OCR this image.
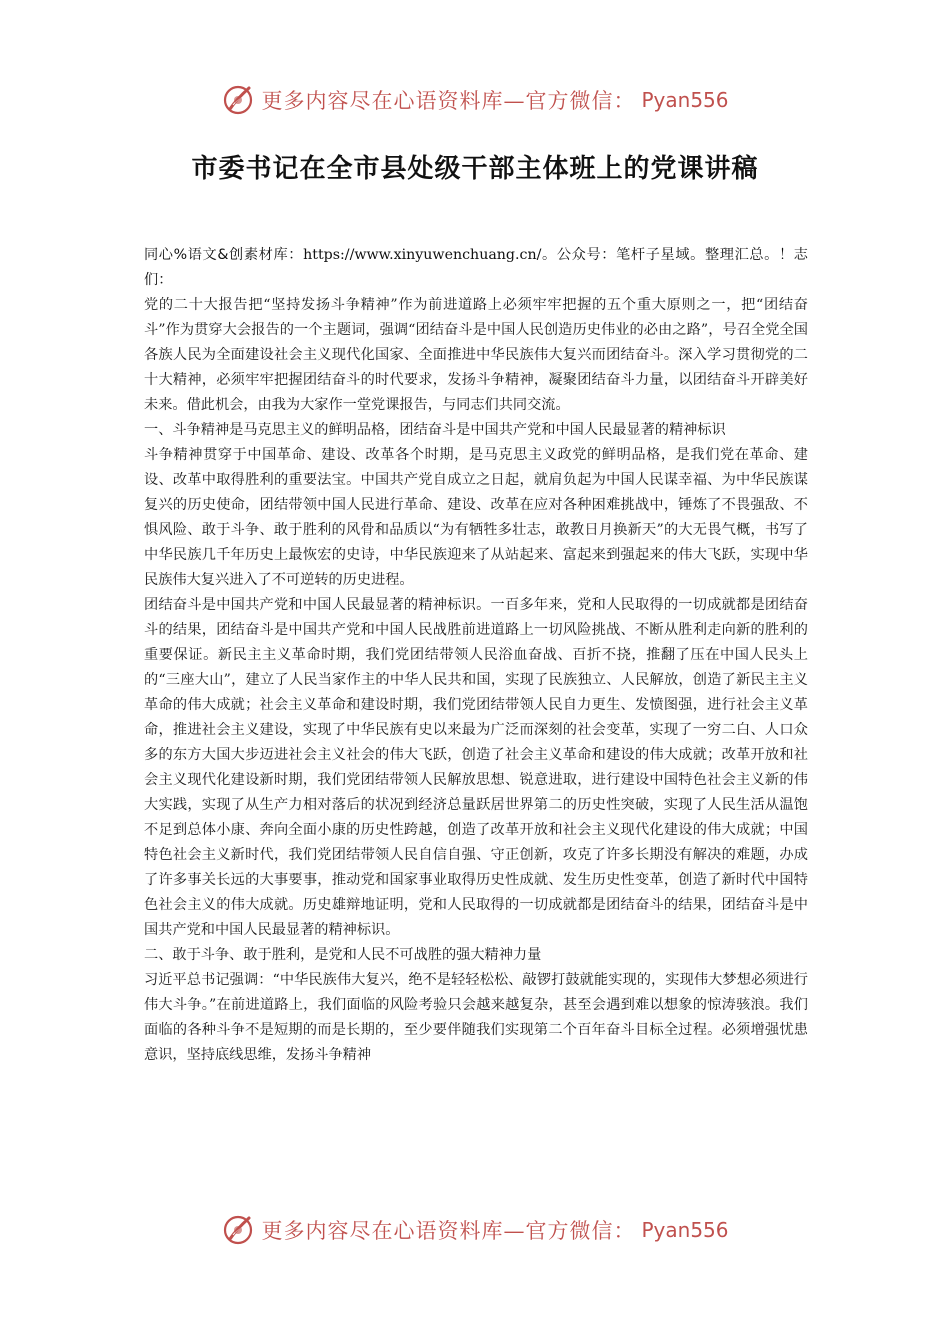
更多内容尽在心语资料库—官方微信： Pyan556
市委书记在全市县处级干部主体班上的党课讲稿

同心%语文&创素材库：https://www.xinyuwenchuang.cn/。公众号：笔杆子星域。整理汇总。！志们：

党的二十大报告把“坚持发扬斗争精神”作为前进道路上必须牢牢把握的五个重大原则之一，把“团结奋斗”作为贯穿大会报告的一个主题词，强调“团结奋斗是中国人民创造历史伟业的必由之路”，号召全党全国各族人民为全面建设社会主义现代化国家、全面推进中华民族伟大复兴而团结奋斗。深入学习贯彻党的二十大精神，必须牢牢把握团结奋斗的时代要求，发扬斗争精神，凝聚团结奋斗力量，以团结奋斗开辟美好未来。借此机会，由我为大家作一堂党课报告，与同志们共同交流。

一、斗争精神是马克思主义的鲜明品格，团结奋斗是中国共产党和中国人民最显著的精神标识

斗争精神贯穿于中国革命、建设、改革各个时期，是马克思主义政党的鲜明品格，是我们党在革命、建设、改革中取得胜利的重要法宝。中国共产党自成立之日起，就肩负起为中国人民谋幸福、为中华民族谋复兴的历史使命，团结带领中国人民进行革命、建设、改革在应对各种困难挑战中，锤炼了不畏强敌、不惧风险、敢于斗争、敢于胜利的风骨和品质以“为有牺牲多壮志，敢教日月换新天”的大无畏气概，书写了中华民族几千年历史上最恢宏的史诗，中华民族迎来了从站起来、富起来到强起来的伟大飞跃，实现中华民族伟大复兴进入了不可逆转的历史进程。

团结奋斗是中国共产党和中国人民最显著的精神标识。一百多年来，党和人民取得的一切成就都是团结奋斗的结果，团结奋斗是中国共产党和中国人民战胜前进道路上一切风险挑战、不断从胜利走向新的胜利的重要保证。新民主主义革命时期，我们党团结带领人民浴血奋战、百折不挠，推翻了压在中国人民头上的“三座大山”，建立了人民当家作主的中华人民共和国，实现了民族独立、人民解放，创造了新民主主义革命的伟大成就；社会主义革命和建设时期，我们党团结带领人民自力更生、发愤图强，进行社会主义革命，推进社会主义建设，实现了中华民族有史以来最为广泛而深刻的社会变革，实现了一穷二白、人口众多的东方大国大步迈进社会主义社会的伟大飞跃，创造了社会主义革命和建设的伟大成就；改革开放和社会主义现代化建设新时期，我们党团结带领人民解放思想、锐意进取，进行建设中国特色社会主义新的伟大实践，实现了从生产力相对落后的状况到经济总量跃居世界第二的历史性突破，实现了人民生活从温饱不足到总体小康、奔向全面小康的历史性跨越，创造了改革开放和社会主义现代化建设的伟大成就；中国特色社会主义新时代，我们党团结带领人民自信自强、守正创新，攻克了许多长期没有解决的难题，办成了许多事关长远的大事要事，推动党和国家事业取得历史性成就、发生历史性变革，创造了新时代中国特色社会主义的伟大成就。历史雄辩地证明，党和人民取得的一切成就都是团结奋斗的结果，团结奋斗是中国共产党和中国人民最显著的精神标识。

二、敢于斗争、敢于胜利，是党和人民不可战胜的强大精神力量

习近平总书记强调：“中华民族伟大复兴，绝不是轻轻松松、敲锣打鼓就能实现的，实现伟大梦想必须进行伟大斗争。”在前进道路上，我们面临的风险考验只会越来越复杂，甚至会遇到难以想象的惊涛骇浪。我们面临的各种斗争不是短期的而是长期的，至少要伴随我们实现第二个百年奋斗目标全过程。必须增强忧患意识，坚持底线思维，发扬斗争精神

更多内容尽在心语资料库—官方微信： Pyan556
